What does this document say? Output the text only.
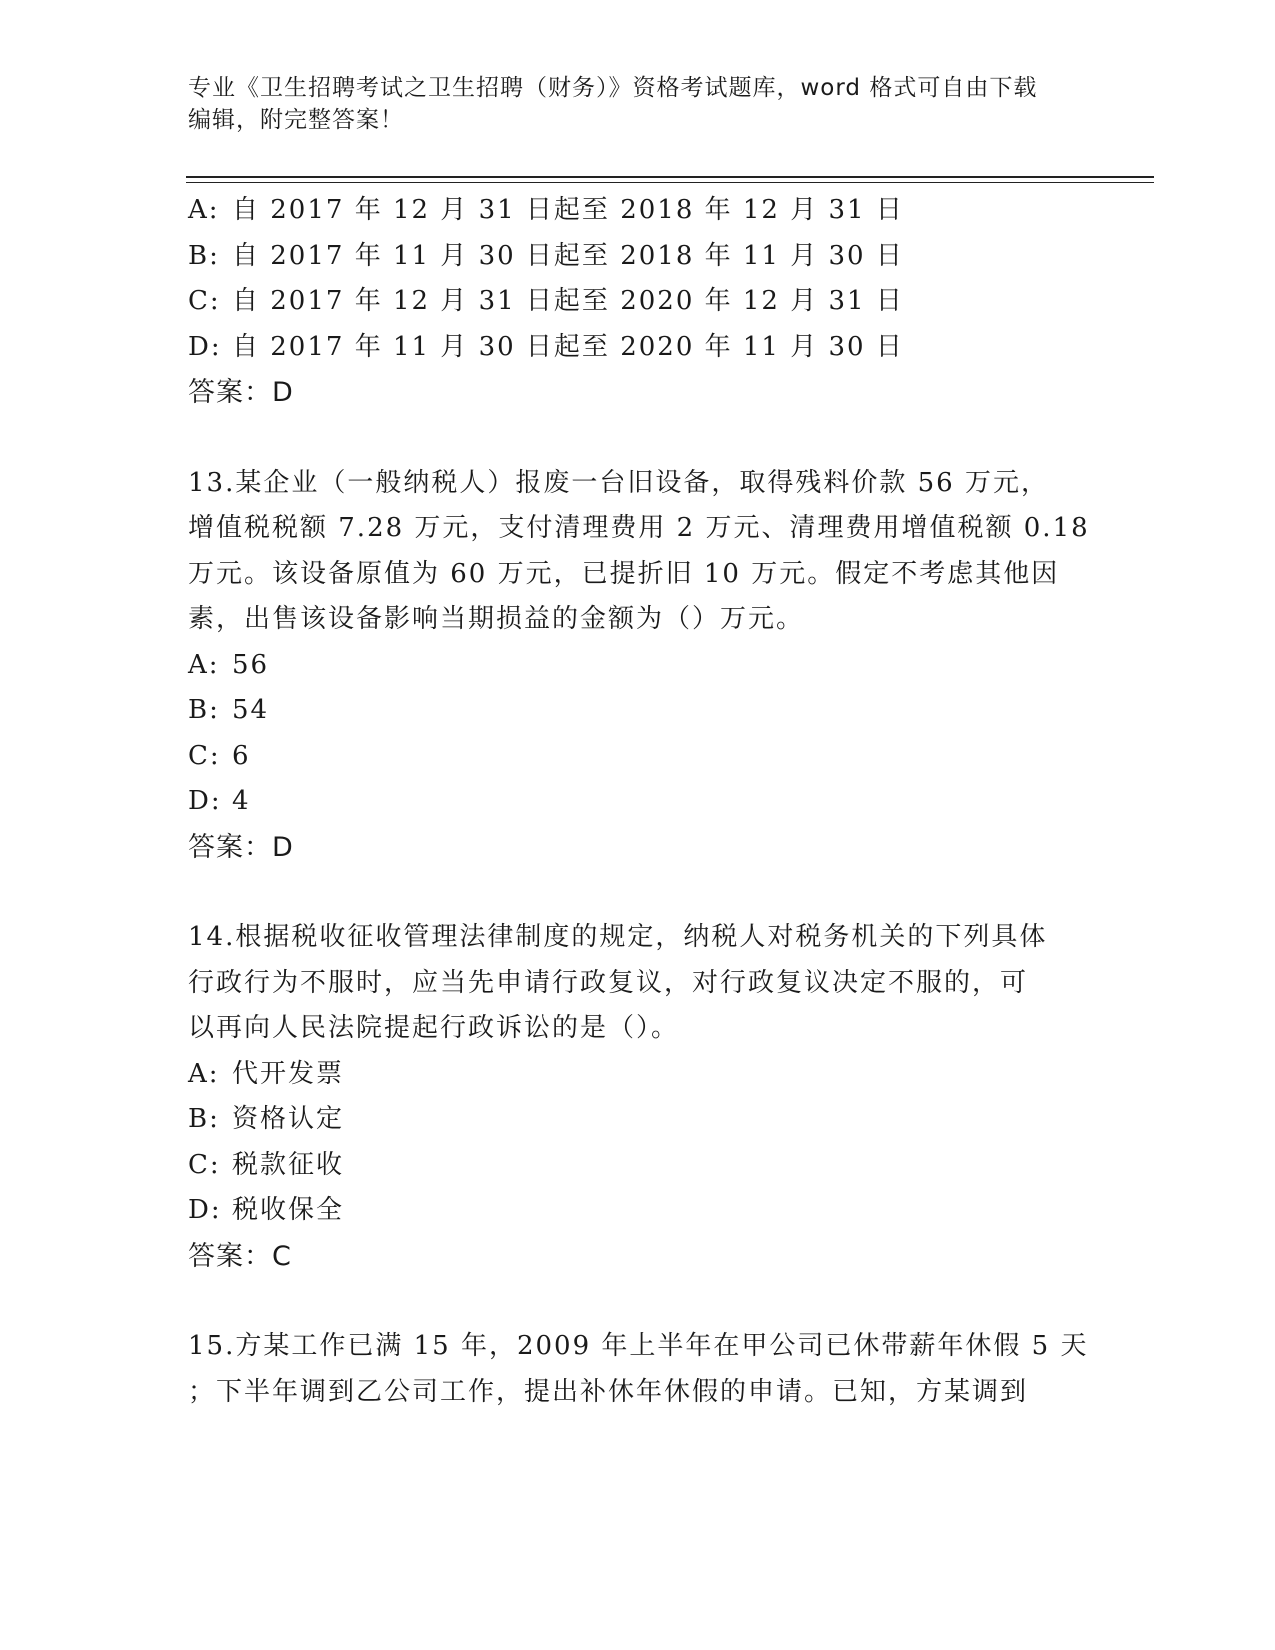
专业《卫生招聘考试之卫生招聘（财务）》资格考试题库，word 格式可自由下载
编辑，附完整答案！
A: 自 2017 年 12 月 31 日起至 2018 年 12 月 31 日
B: 自 2017 年 11 月 30 日起至 2018 年 11 月 30 日
C: 自 2017 年 12 月 31 日起至 2020 年 12 月 31 日
D: 自 2017 年 11 月 30 日起至 2020 年 11 月 30 日
答案：D
13.某企业（一般纳税人）报废一台旧设备，取得残料价款 56 万元，
增值税税额 7.28 万元，支付清理费用 2 万元、清理费用增值税额 0.18
万元。该设备原值为 60 万元，已提折旧 10 万元。假定不考虑其他因
素，出售该设备影响当期损益的金额为（）万元。
A: 56
B: 54
C: 6
D: 4
答案：D
14.根据税收征收管理法律制度的规定，纳税人对税务机关的下列具体
行政行为不服时，应当先申请行政复议，对行政复议决定不服的，可
以再向人民法院提起行政诉讼的是（）。
A: 代开发票
B: 资格认定
C: 税款征收
D: 税收保全
答案：C
15.方某工作已满 15 年，2009 年上半年在甲公司已休带薪年休假 5 天
；下半年调到乙公司工作，提出补休年休假的申请。已知，方某调到
